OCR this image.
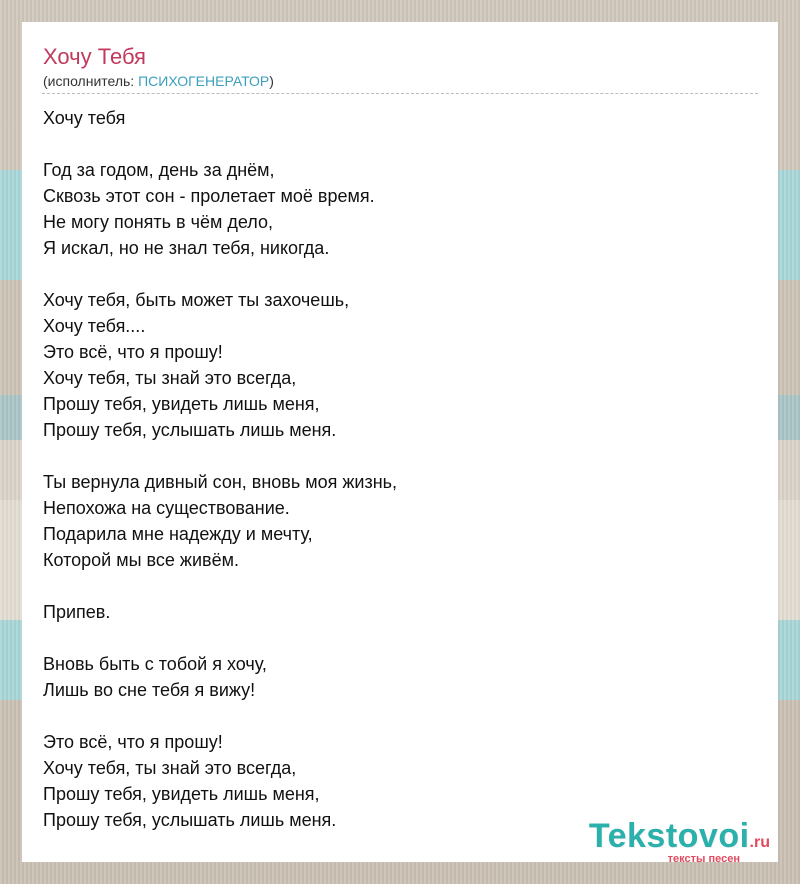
Хочу Тебя
(исполнитель: ПСИХОГЕНЕРАТОР)
Хочу тебя

Год за годом, день за днём,
Сквозь этот сон - пролетает моё время.
Не могу понять в чём дело,
Я искал, но не знал тебя, никогда.

Хочу тебя, быть может ты захочешь,
Хочу тебя....
Это всё, что я прошу!
Хочу тебя, ты знай это всегда,
Прошу тебя, увидеть лишь меня,
Прошу тебя, услышать лишь меня.

Ты вернула дивный сон, вновь моя жизнь,
Непохожа на существование.
Подарила мне надежду и мечту,
Которой мы все живём.

Припев.

Вновь быть с тобой я хочу,
Лишь во сне тебя я вижу!

Это всё, что я прошу!
Хочу тебя, ты знай это всегда,
Прошу тебя, увидеть лишь меня,
Прошу тебя, услышать лишь меня.	Tekstovoi.ru
тексты песен
